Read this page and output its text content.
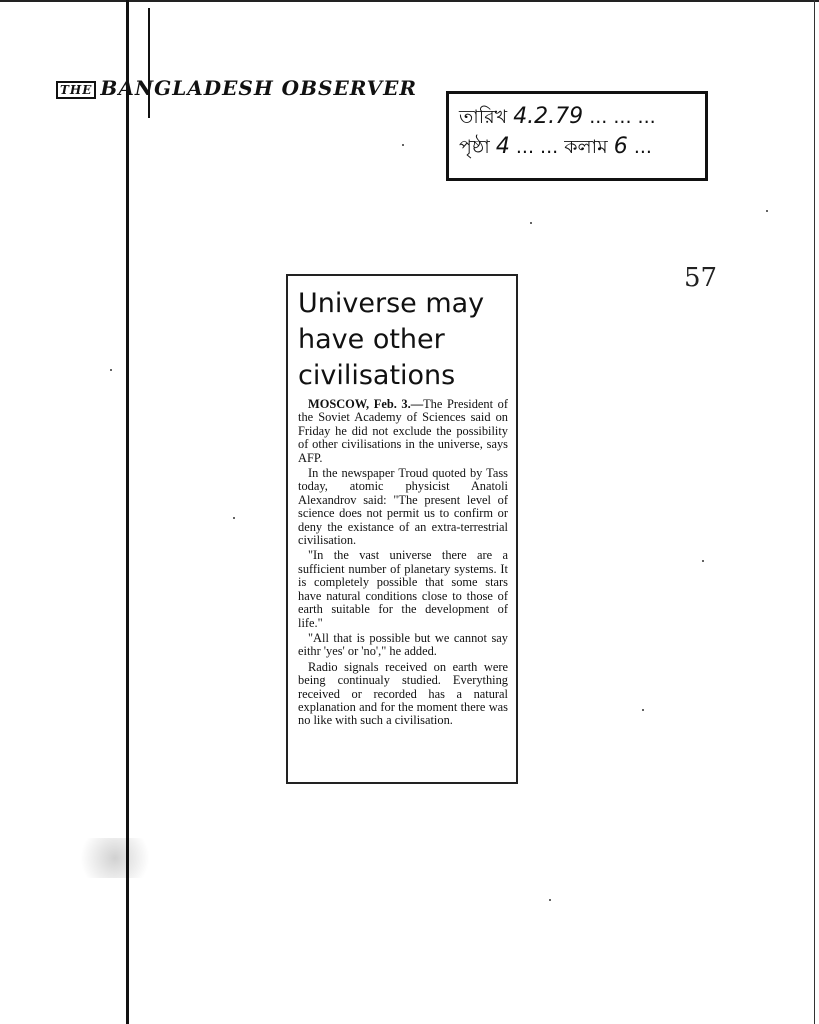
THE BANGLADESH OBSERVER
তারিখ 4.2.79 ... ... ...
পৃষ্ঠা 4 ... ... কলাম 6 ...
57
Universe may have other civilisations

MOSCOW, Feb. 3.—The President of the Soviet Academy of Sciences said on Friday he did not exclude the possibility of other civilisations in the universe, says AFP.

In the newspaper Troud quoted by Tass today, atomic physicist Anatoli Alexandrov said: "The present level of science does not permit us to confirm or deny the existance of an extra-terrestrial civilisation.

"In the vast universe there are a sufficient number of planetary systems. It is completely possible that some stars have natural conditions close to those of earth suitable for the development of life."

"All that is possible but we cannot say eithr 'yes' or 'no'," he added.

Radio signals received on earth were being continualy studied. Everything received or recorded has a natural explanation and for the moment there was no like with such a civilisation.
